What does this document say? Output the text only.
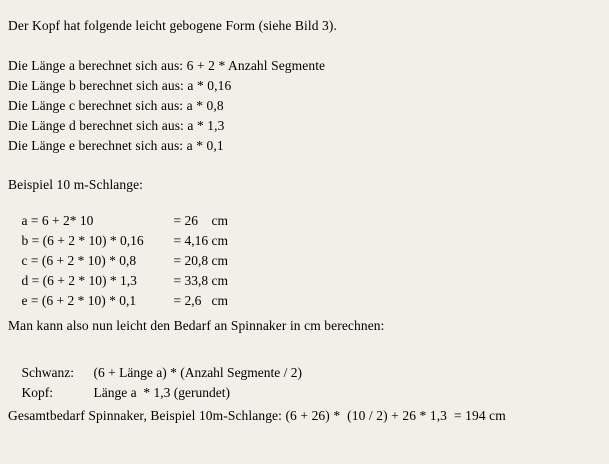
Der Kopf hat folgende leicht gebogene Form (siehe Bild 3).
Die Länge a berechnet sich aus: 6 + 2 * Anzahl Segmente
Die Länge b berechnet sich aus: a * 0,16
Die Länge c berechnet sich aus: a * 0,8
Die Länge d berechnet sich aus: a * 1,3
Die Länge e berechnet sich aus: a * 0,1
Beispiel 10 m-Schlange:

a = 6 + 2* 10	= 26    cm

b = (6 + 2 * 10) * 0,16 = 4,16 cm

c = (6 + 2 * 10) * 0,8	= 20,8 cm

d = (6 + 2 * 10) * 1,3	= 33,8 cm

e = (6 + 2 * 10) * 0,1	= 2,6   cm

Man kann also nun leicht den Bedarf an Spinnaker in cm berechnen:

Schwanz: (6 + Länge a) * (Anzahl Segmente / 2)

Kopf:	Länge a  * 1,3 (gerundet)

Gesamtbedarf Spinnaker, Beispiel 10m-Schlange: (6 + 26) *  (10 / 2) + 26 * 1,3  = 194 cm
